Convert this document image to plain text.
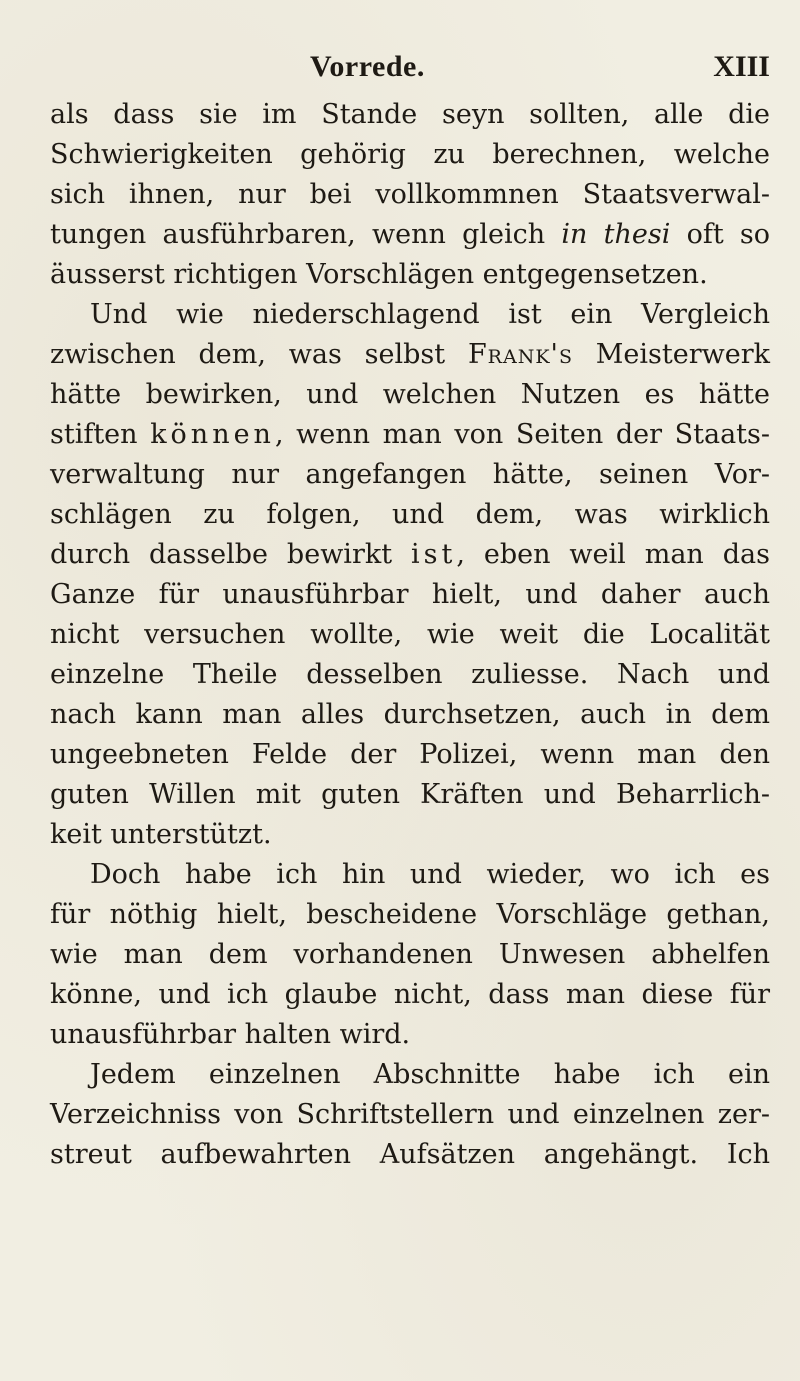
Vorrede.	XIII
als dass sie im Stande seyn sollten, alle die
Schwierigkeiten gehörig zu berechnen, welche
sich ihnen, nur bei vollkommnen Staatsverwal-
tungen ausführbaren, wenn gleich in thesi oft so
äusserst richtigen Vorschlägen entgegensetzen.
Und wie niederschlagend ist ein Vergleich
zwischen dem, was selbst Frank's Meisterwerk
hätte bewirken, und welchen Nutzen es hätte
stiften können, wenn man von Seiten der Staats-
verwaltung nur angefangen hätte, seinen Vor-
schlägen zu folgen, und dem, was wirklich
durch dasselbe bewirkt ist, eben weil man das
Ganze für unausführbar hielt, und daher auch
nicht versuchen wollte, wie weit die Localität
einzelne Theile desselben zuliesse. Nach und
nach kann man alles durchsetzen, auch in dem
ungeebneten Felde der Polizei, wenn man den
guten Willen mit guten Kräften und Beharrlich-
keit unterstützt.
Doch habe ich hin und wieder, wo ich es
für nöthig hielt, bescheidene Vorschläge gethan,
wie man dem vorhandenen Unwesen abhelfen
könne, und ich glaube nicht, dass man diese für
unausführbar halten wird.
Jedem einzelnen Abschnitte habe ich ein
Verzeichniss von Schriftstellern und einzelnen zer-
streut aufbewahrten Aufsätzen angehängt. Ich
